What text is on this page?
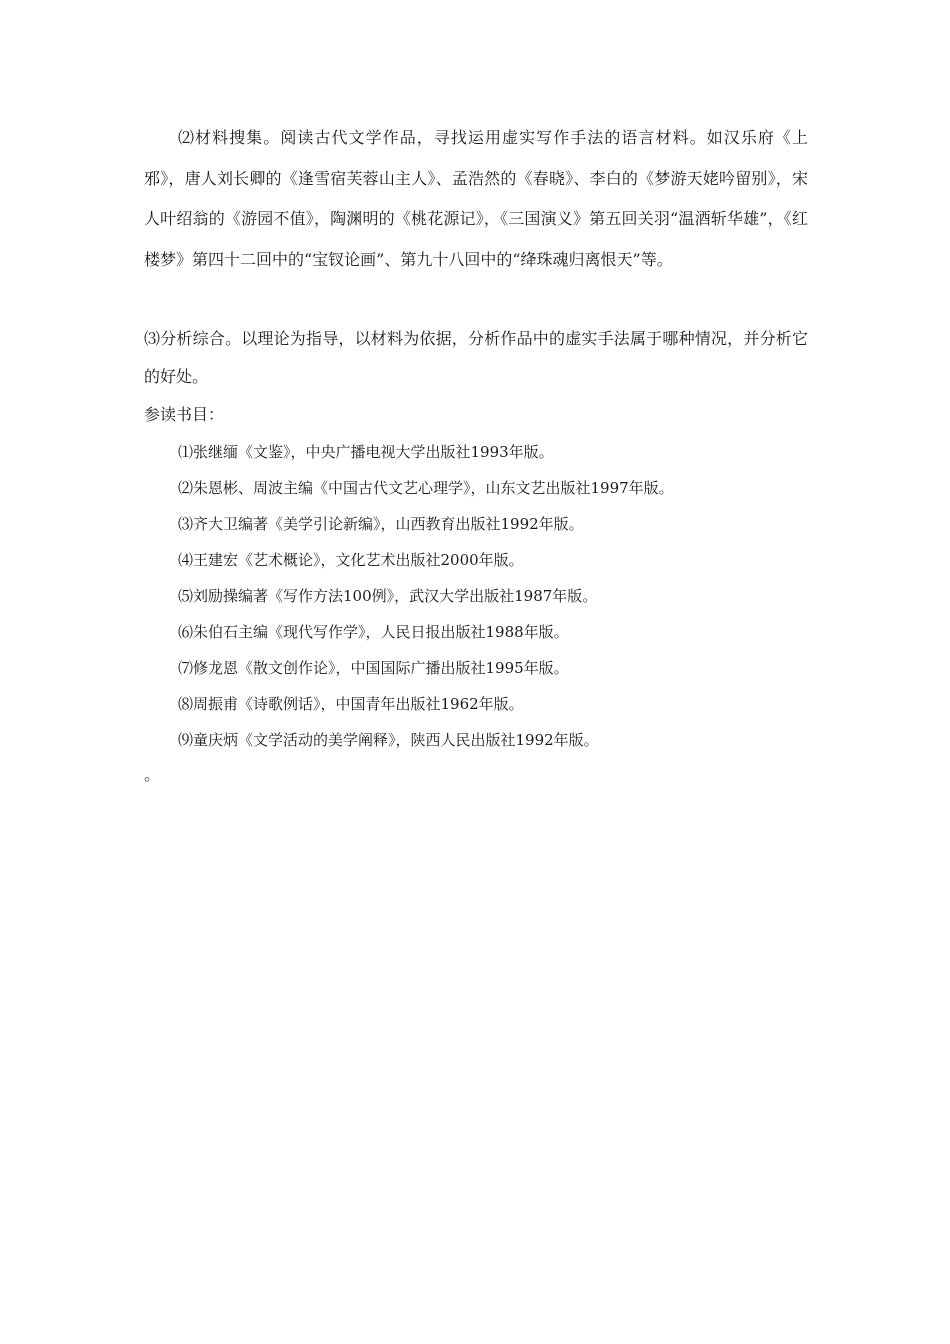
⑵材料搜集。阅读古代文学作品，寻找运用虚实写作手法的语言材料。如汉乐府《上邪》，唐人刘长卿的《逢雪宿芙蓉山主人》、孟浩然的《春晓》、李白的《梦游天姥吟留别》，宋人叶绍翁的《游园不值》，陶渊明的《桃花源记》，《三国演义》第五回关羽“温酒斩华雄”，《红楼梦》第四十二回中的“宝钗论画”、第九十八回中的“绛珠魂归离恨天”等。

⑶分析综合。以理论为指导，以材料为依据，分析作品中的虚实手法属于哪种情况，并分析它的好处。

参读书目：

⑴张继缅《文鉴》，中央广播电视大学出版社1993年版。
⑵朱恩彬、周波主编《中国古代文艺心理学》，山东文艺出版社1997年版。
⑶齐大卫编著《美学引论新编》，山西教育出版社1992年版。
⑷王建宏《艺术概论》，文化艺术出版社2000年版。
⑸刘励操编著《写作方法100例》，武汉大学出版社1987年版。
⑹朱伯石主编《现代写作学》，人民日报出版社1988年版。
⑺修龙恩《散文创作论》，中国国际广播出版社1995年版。
⑻周振甫《诗歌例话》，中国青年出版社1962年版。
⑼童庆炳《文学活动的美学阐释》，陕西人民出版社1992年版。

。
